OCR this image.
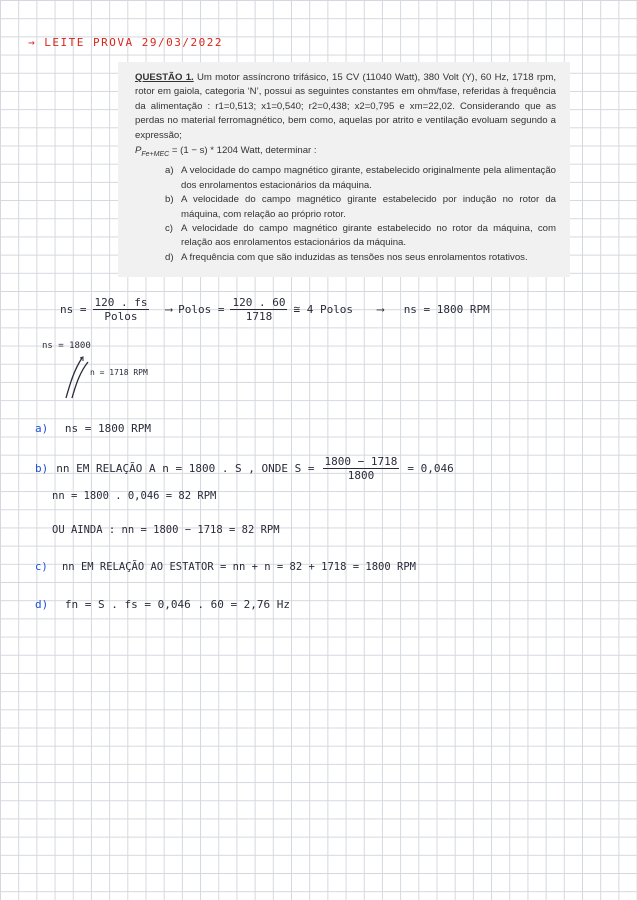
→ LEITE PROVA 29/03/2022
QUESTÃO 1. Um motor assíncrono trifásico, 15 CV (11040 Watt), 380 Volt (Y), 60 Hz, 1718 rpm, rotor em gaiola, categoria ‘N’, possui as seguintes constantes em ohm/fase, referidas à frequência da alimentação : r1=0,513; x1=0,540; r2=0,438; x2=0,795 e xm=22,02. Considerando que as perdas no material ferromagnético, bem como, aquelas por atrito e ventilação evoluam segundo a expressão;
$P_{Fe+MEC} = (1 - s) * 1204$ Watt, determinar :
a) A velocidade do campo magnético girante, estabelecido originalmente pela alimentação dos enrolamentos estacionários da máquina.
b) A velocidade do campo magnético girante estabelecido por indução no rotor da máquina, com relação ao próprio rotor.
c) A velocidade do campo magnético girante estabelecido no rotor da máquina, com relação aos enrolamentos estacionários da máquina.
d) A frequência com que são induzidas as tensões nos seus enrolamentos rotativos.
ns = $\frac{120 . fs}{\text{Polos}}$ ⟶ Polos = $\frac{120 . 60}{1718}$ ≅ 4 Polos ⟶ ns = 1800 RPM
ns = 1800
n = 1718 RPM
a) ns = 1800 RPM
b) nn EM RELAÇÃO A n = 1800 . S , ONDE $S = \frac{1800 - 1718}{1800} = 0,046$
nn = 1800 . 0,046 = 82 RPM
OU AINDA : nn = 1800 − 1718 = 82 RPM
c) nn EM RELAÇÃO AO ESTATOR = nn + n = 82 + 1718 = 1800 RPM
d) fn = S . fs = 0,046 . 60 = 2,76 Hz
